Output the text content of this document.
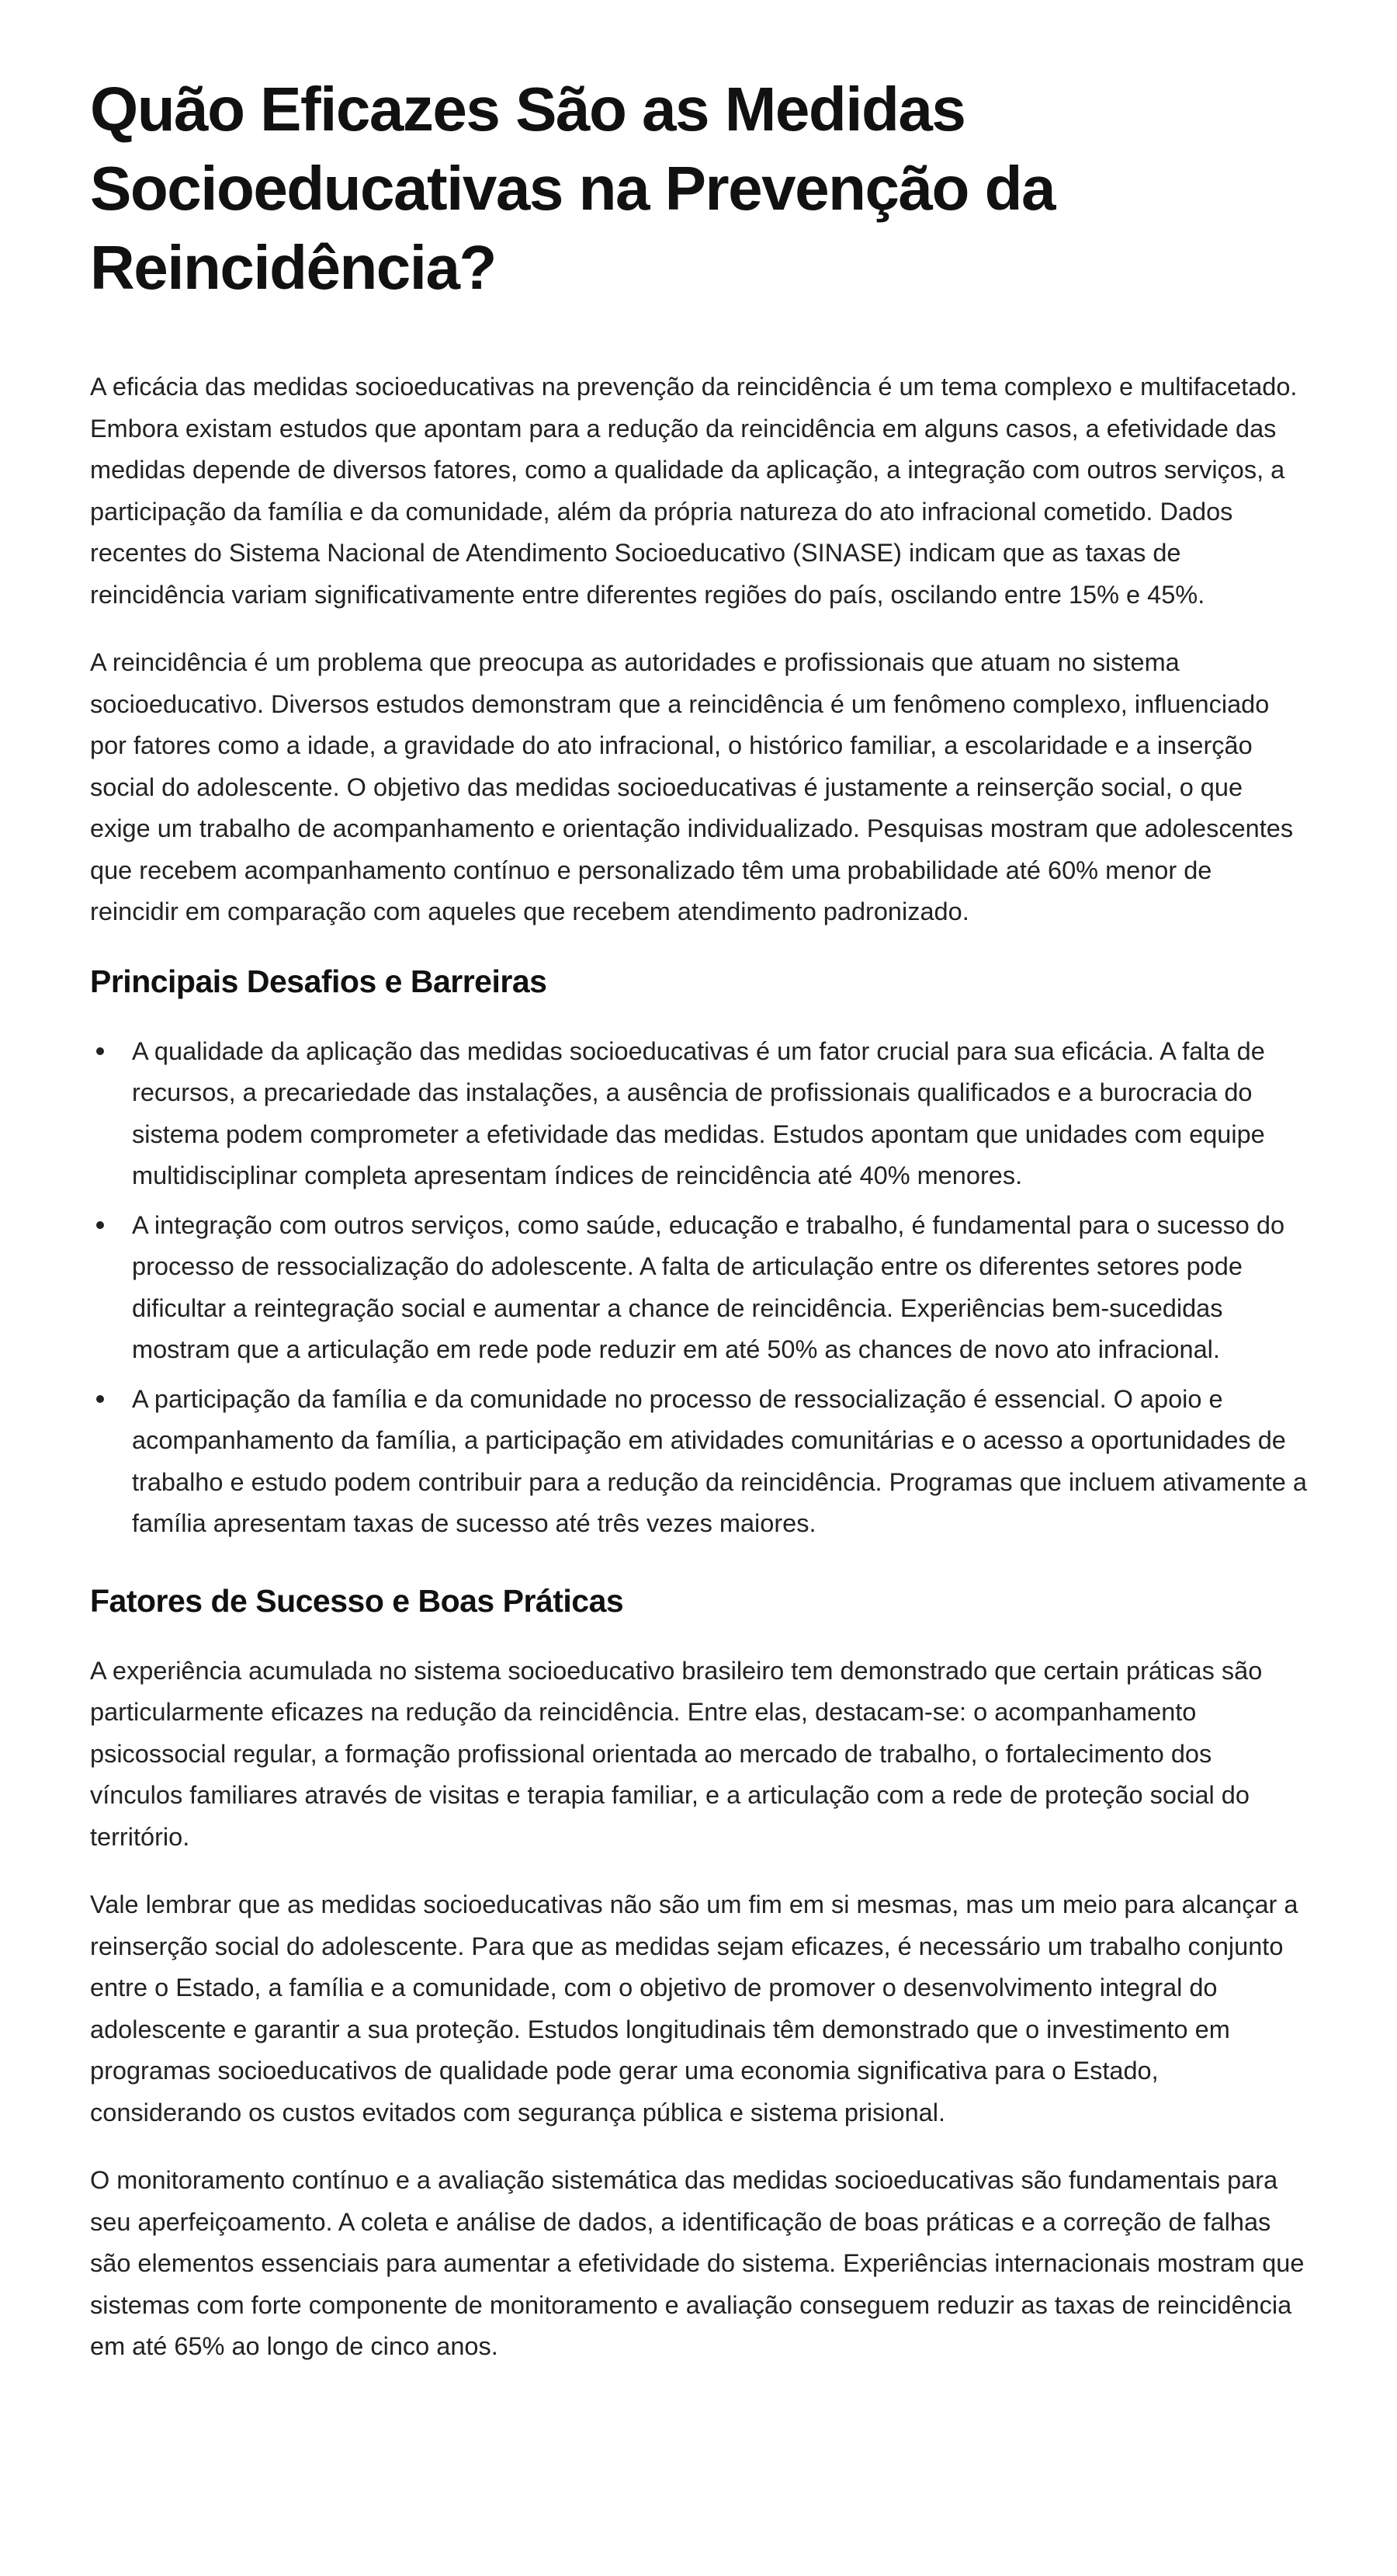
Quão Eficazes São as Medidas Socioeducativas na Prevenção da Reincidência?

A eficácia das medidas socioeducativas na prevenção da reincidência é um tema complexo e multifacetado. Embora existam estudos que apontam para a redução da reincidência em alguns casos, a efetividade das medidas depende de diversos fatores, como a qualidade da aplicação, a integração com outros serviços, a participação da família e da comunidade, além da própria natureza do ato infracional cometido. Dados recentes do Sistema Nacional de Atendimento Socioeducativo (SINASE) indicam que as taxas de reincidência variam significativamente entre diferentes regiões do país, oscilando entre 15% e 45%.

A reincidência é um problema que preocupa as autoridades e profissionais que atuam no sistema socioeducativo. Diversos estudos demonstram que a reincidência é um fenômeno complexo, influenciado por fatores como a idade, a gravidade do ato infracional, o histórico familiar, a escolaridade e a inserção social do adolescente. O objetivo das medidas socioeducativas é justamente a reinserção social, o que exige um trabalho de acompanhamento e orientação individualizado. Pesquisas mostram que adolescentes que recebem acompanhamento contínuo e personalizado têm uma probabilidade até 60% menor de reincidir em comparação com aqueles que recebem atendimento padronizado.

Principais Desafios e Barreiras
A qualidade da aplicação das medidas socioeducativas é um fator crucial para sua eficácia. A falta de recursos, a precariedade das instalações, a ausência de profissionais qualificados e a burocracia do sistema podem comprometer a efetividade das medidas. Estudos apontam que unidades com equipe multidisciplinar completa apresentam índices de reincidência até 40% menores.
A integração com outros serviços, como saúde, educação e trabalho, é fundamental para o sucesso do processo de ressocialização do adolescente. A falta de articulação entre os diferentes setores pode dificultar a reintegração social e aumentar a chance de reincidência. Experiências bem-sucedidas mostram que a articulação em rede pode reduzir em até 50% as chances de novo ato infracional.
A participação da família e da comunidade no processo de ressocialização é essencial. O apoio e acompanhamento da família, a participação em atividades comunitárias e o acesso a oportunidades de trabalho e estudo podem contribuir para a redução da reincidência. Programas que incluem ativamente a família apresentam taxas de sucesso até três vezes maiores.
Fatores de Sucesso e Boas Práticas

A experiência acumulada no sistema socioeducativo brasileiro tem demonstrado que certain práticas são particularmente eficazes na redução da reincidência. Entre elas, destacam-se: o acompanhamento psicossocial regular, a formação profissional orientada ao mercado de trabalho, o fortalecimento dos vínculos familiares através de visitas e terapia familiar, e a articulação com a rede de proteção social do território.

Vale lembrar que as medidas socioeducativas não são um fim em si mesmas, mas um meio para alcançar a reinserção social do adolescente. Para que as medidas sejam eficazes, é necessário um trabalho conjunto entre o Estado, a família e a comunidade, com o objetivo de promover o desenvolvimento integral do adolescente e garantir a sua proteção. Estudos longitudinais têm demonstrado que o investimento em programas socioeducativos de qualidade pode gerar uma economia significativa para o Estado, considerando os custos evitados com segurança pública e sistema prisional.

O monitoramento contínuo e a avaliação sistemática das medidas socioeducativas são fundamentais para seu aperfeiçoamento. A coleta e análise de dados, a identificação de boas práticas e a correção de falhas são elementos essenciais para aumentar a efetividade do sistema. Experiências internacionais mostram que sistemas com forte componente de monitoramento e avaliação conseguem reduzir as taxas de reincidência em até 65% ao longo de cinco anos.
